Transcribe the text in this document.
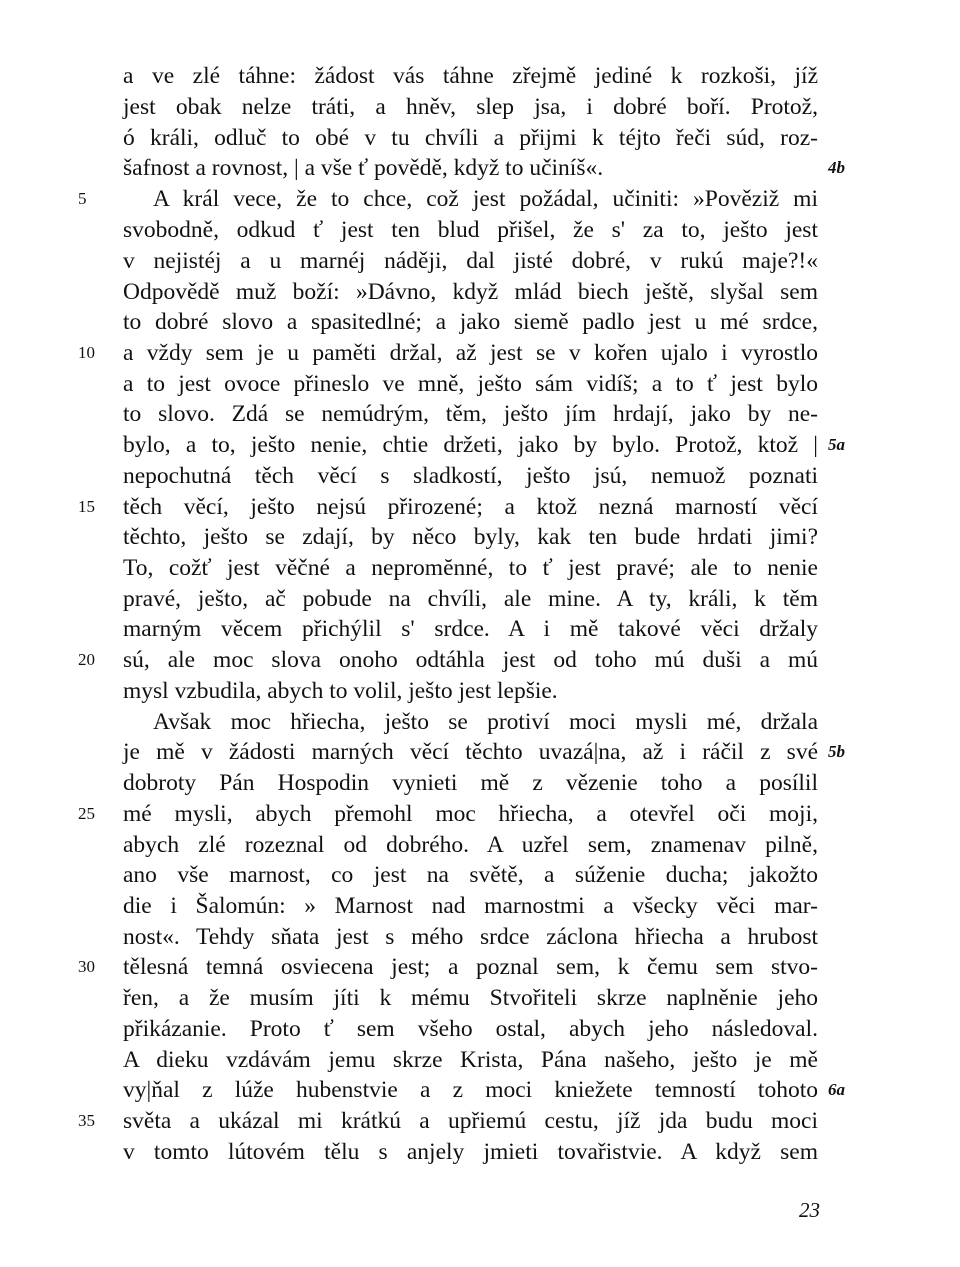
a ve zlé táhne: žádost vás táhne zřejmě jediné k rozkoši, jíž
jest obak nelze tráti, a hněv, slep jsa, i dobré boří. Protož,
ó králi, odluč to obé v tu chvíli a přijmi k téjto řeči súd, roz-
šafnost a rovnost, | a vše ť povědě, když to učiníš«.	4b
5	A král vece, že to chce, což jest požádal, učiniti: »Pověziž mi
svobodně, odkud ť jest ten blud přišel, že s' za to, ješto jest
v nejistéj a u marnéj náději, dal jisté dobré, v rukú maje?!«
Odpovědě muž boží: »Dávno, když mlád biech ještě, slyšal sem
to dobré slovo a spasitedlné; a jako siemě padlo jest u mé srdce,
10	a vždy sem je u paměti držal, až jest se v kořen ujalo i vyrostlo
a to jest ovoce přineslo ve mně, ješto sám vidíš; a to ť jest bylo
to slovo. Zdá se nemúdrým, těm, ješto jím hrdají, jako by ne-
bylo, a to, ješto nenie, chtie držeti, jako by bylo. Protož, ktož | 5a
nepochutná těch věcí s sladkostí, ješto jsú, nemuož poznati
15	těch věcí, ješto nejsú přirozené; a ktož nezná marností věcí
těchto, ješto se zdají, by něco byly, kak ten bude hrdati jimi?
To, cožť jest věčné a nepromĕnné, to ť jest pravé; ale to nenie
pravé, ješto, ač pobude na chvíli, ale mine. A ty, králi, k těm
marným věcem přichýlil s' srdce. A i mě takové věci držaly
20	sú, ale moc slova onoho odtáhla jest od toho mú duši a mú
mysl vzbudila, abych to volil, ješto jest lepšie.
Avšak moc hřiecha, ješto se protiví moci mysli mé, držala
je mě v žádosti marných věcí těchto uvazá|na, až i ráčil z své 5b
dobroty Pán Hospodin vynieti mě z vězenie toho a posílil
25	mé mysli, abych přemohl moc hřiecha, a otevřel oči moji,
abych zlé rozeznal od dobrého. A uzřel sem, znamenav pilně,
ano vše marnost, co jest na světě, a súženie ducha; jakožto
die i Šalomún: » Marnost nad marnostmi a všecky věci mar-
nost«. Tehdy sňata jest s mého srdce záclona hřiecha a hrubost
30	tělesná temná osviecena jest; a poznal sem, k čemu sem stvo-
řen, a že musím jíti k mému Stvořiteli skrze naplněnie jeho
přikázanie. Proto ť sem všeho ostal, abych jeho následoval.
A dieku vzdávám jemu skrze Krista, Pána našeho, ješto je mě
vy|ňal z lúže hubenstvie a z moci kniežete temností tohoto 6a
35	světa a ukázal mi krátkú a upřiemú cestu, jíž jda budu moci
v tomto lútovém tělu s anjely jmieti tovařistvie. A když sem
23
